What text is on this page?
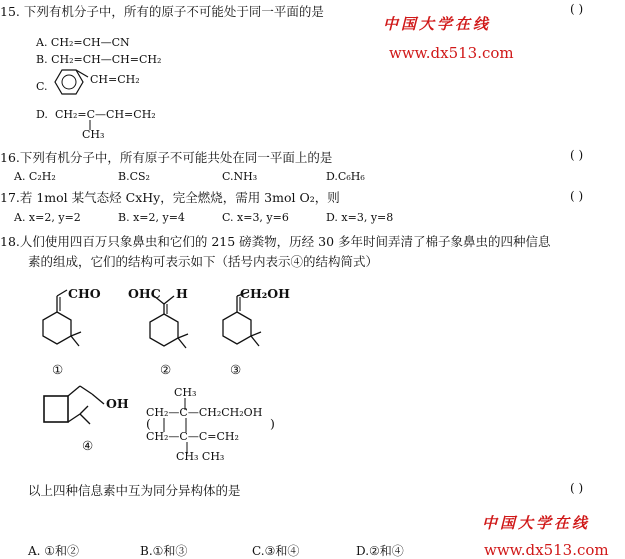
15. 下列有机分子中，所有的原子不可能处于同一平面的是	( )
中国大学在线
www.dx513.com
A. CH₂=CH—CN
B. CH₂=CH—CH=CH₂
C.
CH=CH₂
D. CH₂=C—CH=CH₂
CH₃
16.下列有机分子中，所有原子不可能共处在同一平面上的是	( )
A. C₂H₂	B.CS₂	C.NH₃	D.C₆H₆
17.若 1mol 某气态烃 CxHy，完全燃烧，需用 3mol O₂，则	( )
A. x=2, y=2	B. x=2, y=4	C. x=3, y=6	D. x=3, y=8
18.人们使用四百万只象鼻虫和它们的 215 磅粪物，历经 30 多年时间弄清了棉子象鼻虫的四种信息
素的组成，它们的结构可表示如下（括号内表示④的结构简式）
CHO
①
OHC H
②
CH₂OH
③
OH
④
CH₃
CH₂—C—CH₂CH₂OH
(	)
CH₂—C—C=CH₂
CH₃ CH₃
以上四种信息素中互为同分异构体的是	( )
中国大学在线
www.dx513.com
A. ①和②	B.①和③	C.③和④	D.②和④
